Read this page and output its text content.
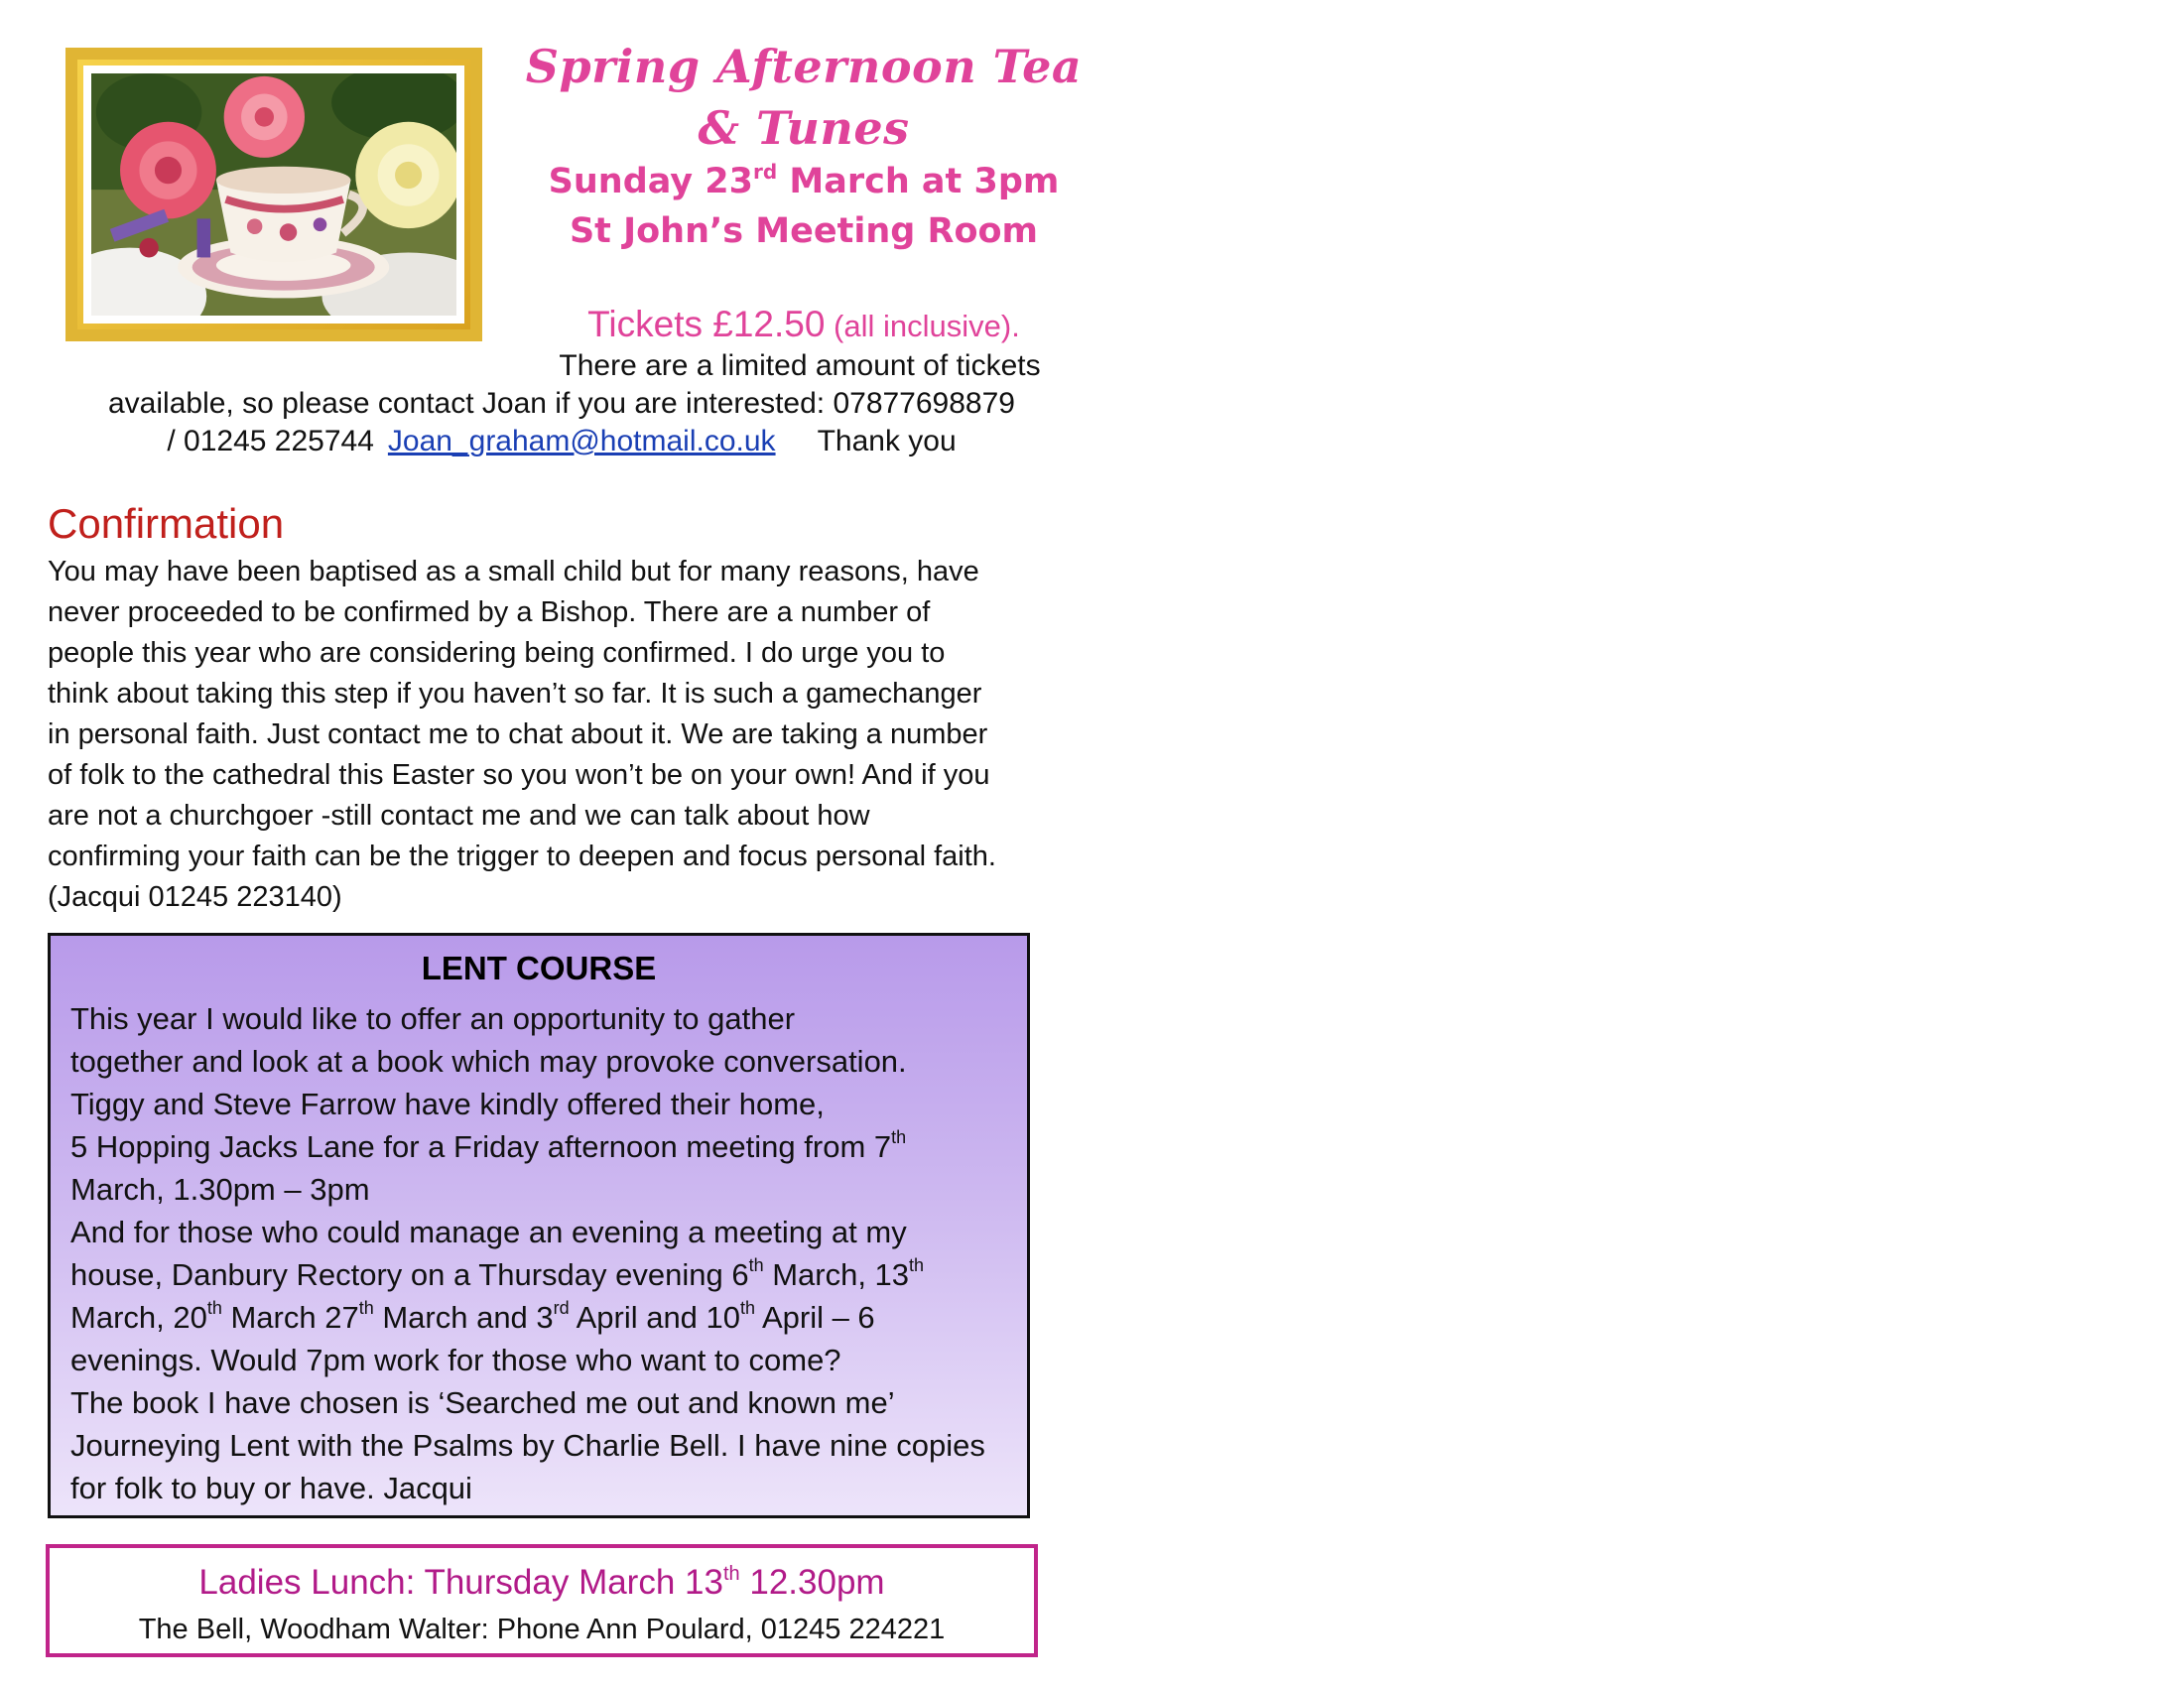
Spring Afternoon Tea
& Tunes
Sunday 23rd March at 3pm
St John’s Meeting Room
Tickets £12.50 (all inclusive).
There are a limited amount of tickets
available, so please contact Joan if you are interested: 07877698879
/ 01245 225744 Joan_graham@hotmail.co.uk Thank you
Confirmation
You may have been baptised as a small child but for many reasons, have
never proceeded to be confirmed by a Bishop. There are a number of
people this year who are considering being confirmed. I do urge you to
think about taking this step if you haven’t so far. It is such a gamechanger
in personal faith. Just contact me to chat about it. We are taking a number
of folk to the cathedral this Easter so you won’t be on your own! And if you
are not a churchgoer -still contact me and we can talk about how
confirming your faith can be the trigger to deepen and focus personal faith.
(Jacqui 01245 223140)
LENT COURSE
This year I would like to offer an opportunity to gather
together and look at a book which may provoke conversation.
Tiggy and Steve Farrow have kindly offered their home,
5 Hopping Jacks Lane for a Friday afternoon meeting from 7th
March, 1.30pm – 3pm
And for those who could manage an evening a meeting at my
house, Danbury Rectory on a Thursday evening 6th March, 13th
March, 20th March 27th March and 3rd April and 10th April – 6
evenings. Would 7pm work for those who want to come?
The book I have chosen is ‘Searched me out and known me’
Journeying Lent with the Psalms by Charlie Bell. I have nine copies
for folk to buy or have. Jacqui
Ladies Lunch: Thursday March 13th 12.30pm
The Bell, Woodham Walter: Phone Ann Poulard, 01245 224221
